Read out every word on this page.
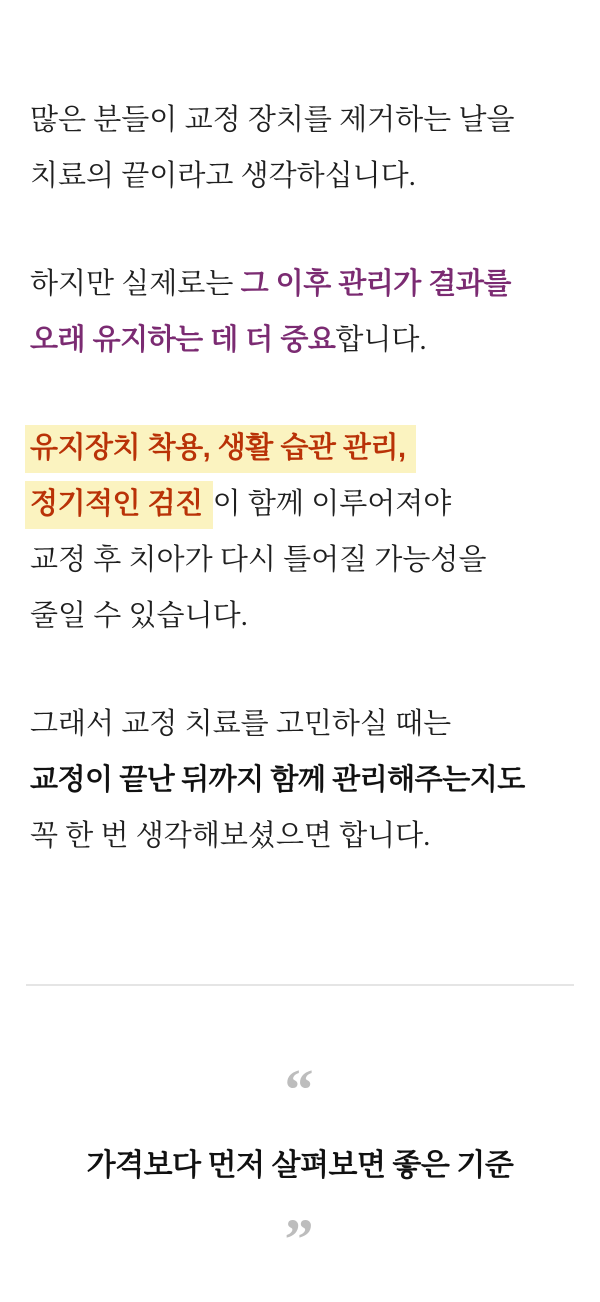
많은 분들이 교정 장치를 제거하는 날을
치료의 끝이라고 생각하십니다.
하지만 실제로는 그 이후 관리가 결과를
오래 유지하는 데 더 중요합니다.
유지장치 착용, 생활 습관 관리,
정기적인 검진 이 함께 이루어져야
교정 후 치아가 다시 틀어질 가능성을
줄일 수 있습니다.
그래서 교정 치료를 고민하실 때는
교정이 끝난 뒤까지 함께 관리해주는지도
꼭 한 번 생각해보셨으면 합니다.
“
가격보다 먼저 살펴보면 좋은 기준
”
